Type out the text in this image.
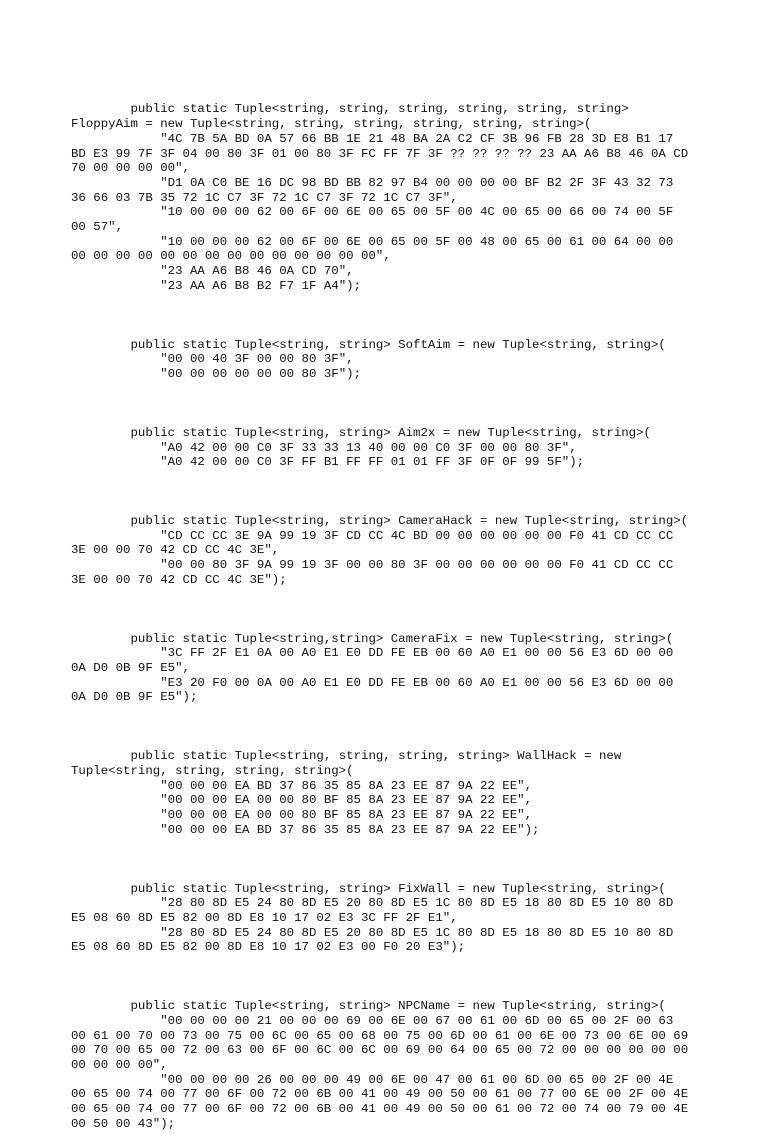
public static Tuple<string, string, string, string, string, string>
FloppyAim = new Tuple<string, string, string, string, string, string>(
"4C 7B 5A BD 0A 57 66 BB 1E 21 48 BA 2A C2 CF 3B 96 FB 28 3D E8 B1 17
BD E3 99 7F 3F 04 00 80 3F 01 00 80 3F FC FF 7F 3F ?? ?? ?? ?? 23 AA A6 B8 46 0A CD
70 00 00 00 00",
"D1 0A C0 BE 16 DC 98 BD BB 82 97 B4 00 00 00 00 BF B2 2F 3F 43 32 73
36 66 03 7B 35 72 1C C7 3F 72 1C C7 3F 72 1C C7 3F",
"10 00 00 00 62 00 6F 00 6E 00 65 00 5F 00 4C 00 65 00 66 00 74 00 5F
00 57",
"10 00 00 00 62 00 6F 00 6E 00 65 00 5F 00 48 00 65 00 61 00 64 00 00
00 00 00 00 00 00 00 00 00 00 00 00 00 00",
"23 AA A6 B8 46 0A CD 70",
"23 AA A6 B8 B2 F7 1F A4");

public static Tuple<string, string> SoftAim = new Tuple<string, string>(
"00 00 40 3F 00 00 80 3F",
"00 00 00 00 00 00 80 3F");

public static Tuple<string, string> Aim2x = new Tuple<string, string>(
"A0 42 00 00 C0 3F 33 33 13 40 00 00 C0 3F 00 00 80 3F",
"A0 42 00 00 C0 3F FF B1 FF FF 01 01 FF 3F 0F 0F 99 5F");

public static Tuple<string, string> CameraHack = new Tuple<string, string>(
"CD CC CC 3E 9A 99 19 3F CD CC 4C BD 00 00 00 00 00 00 F0 41 CD CC CC
3E 00 00 70 42 CD CC 4C 3E",
"00 00 80 3F 9A 99 19 3F 00 00 80 3F 00 00 00 00 00 00 F0 41 CD CC CC
3E 00 00 70 42 CD CC 4C 3E");

public static Tuple<string,string> CameraFix = new Tuple<string, string>(
"3C FF 2F E1 0A 00 A0 E1 E0 DD FE EB 00 60 A0 E1 00 00 56 E3 6D 00 00
0A D0 0B 9F E5",
"E3 20 F0 00 0A 00 A0 E1 E0 DD FE EB 00 60 A0 E1 00 00 56 E3 6D 00 00
0A D0 0B 9F E5");

public static Tuple<string, string, string, string> WallHack = new
Tuple<string, string, string, string>(
"00 00 00 EA BD 37 86 35 85 8A 23 EE 87 9A 22 EE",
"00 00 00 EA 00 00 80 BF 85 8A 23 EE 87 9A 22 EE",
"00 00 00 EA 00 00 80 BF 85 8A 23 EE 87 9A 22 EE",
"00 00 00 EA BD 37 86 35 85 8A 23 EE 87 9A 22 EE");

public static Tuple<string, string> FixWall = new Tuple<string, string>(
"28 80 8D E5 24 80 8D E5 20 80 8D E5 1C 80 8D E5 18 80 8D E5 10 80 8D
E5 08 60 8D E5 82 00 8D E8 10 17 02 E3 3C FF 2F E1",
"28 80 8D E5 24 80 8D E5 20 80 8D E5 1C 80 8D E5 18 80 8D E5 10 80 8D
E5 08 60 8D E5 82 00 8D E8 10 17 02 E3 00 F0 20 E3");

public static Tuple<string, string> NPCName = new Tuple<string, string>(
"00 00 00 00 21 00 00 00 69 00 6E 00 67 00 61 00 6D 00 65 00 2F 00 63
00 61 00 70 00 73 00 75 00 6C 00 65 00 68 00 75 00 6D 00 61 00 6E 00 73 00 6E 00 69
00 70 00 65 00 72 00 63 00 6F 00 6C 00 6C 00 69 00 64 00 65 00 72 00 00 00 00 00 00
00 00 00 00",
"00 00 00 00 26 00 00 00 49 00 6E 00 47 00 61 00 6D 00 65 00 2F 00 4E
00 65 00 74 00 77 00 6F 00 72 00 6B 00 41 00 49 00 50 00 61 00 77 00 6E 00 2F 00 4E
00 65 00 74 00 77 00 6F 00 72 00 6B 00 41 00 49 00 50 00 61 00 72 00 74 00 79 00 4E
00 50 00 43");
